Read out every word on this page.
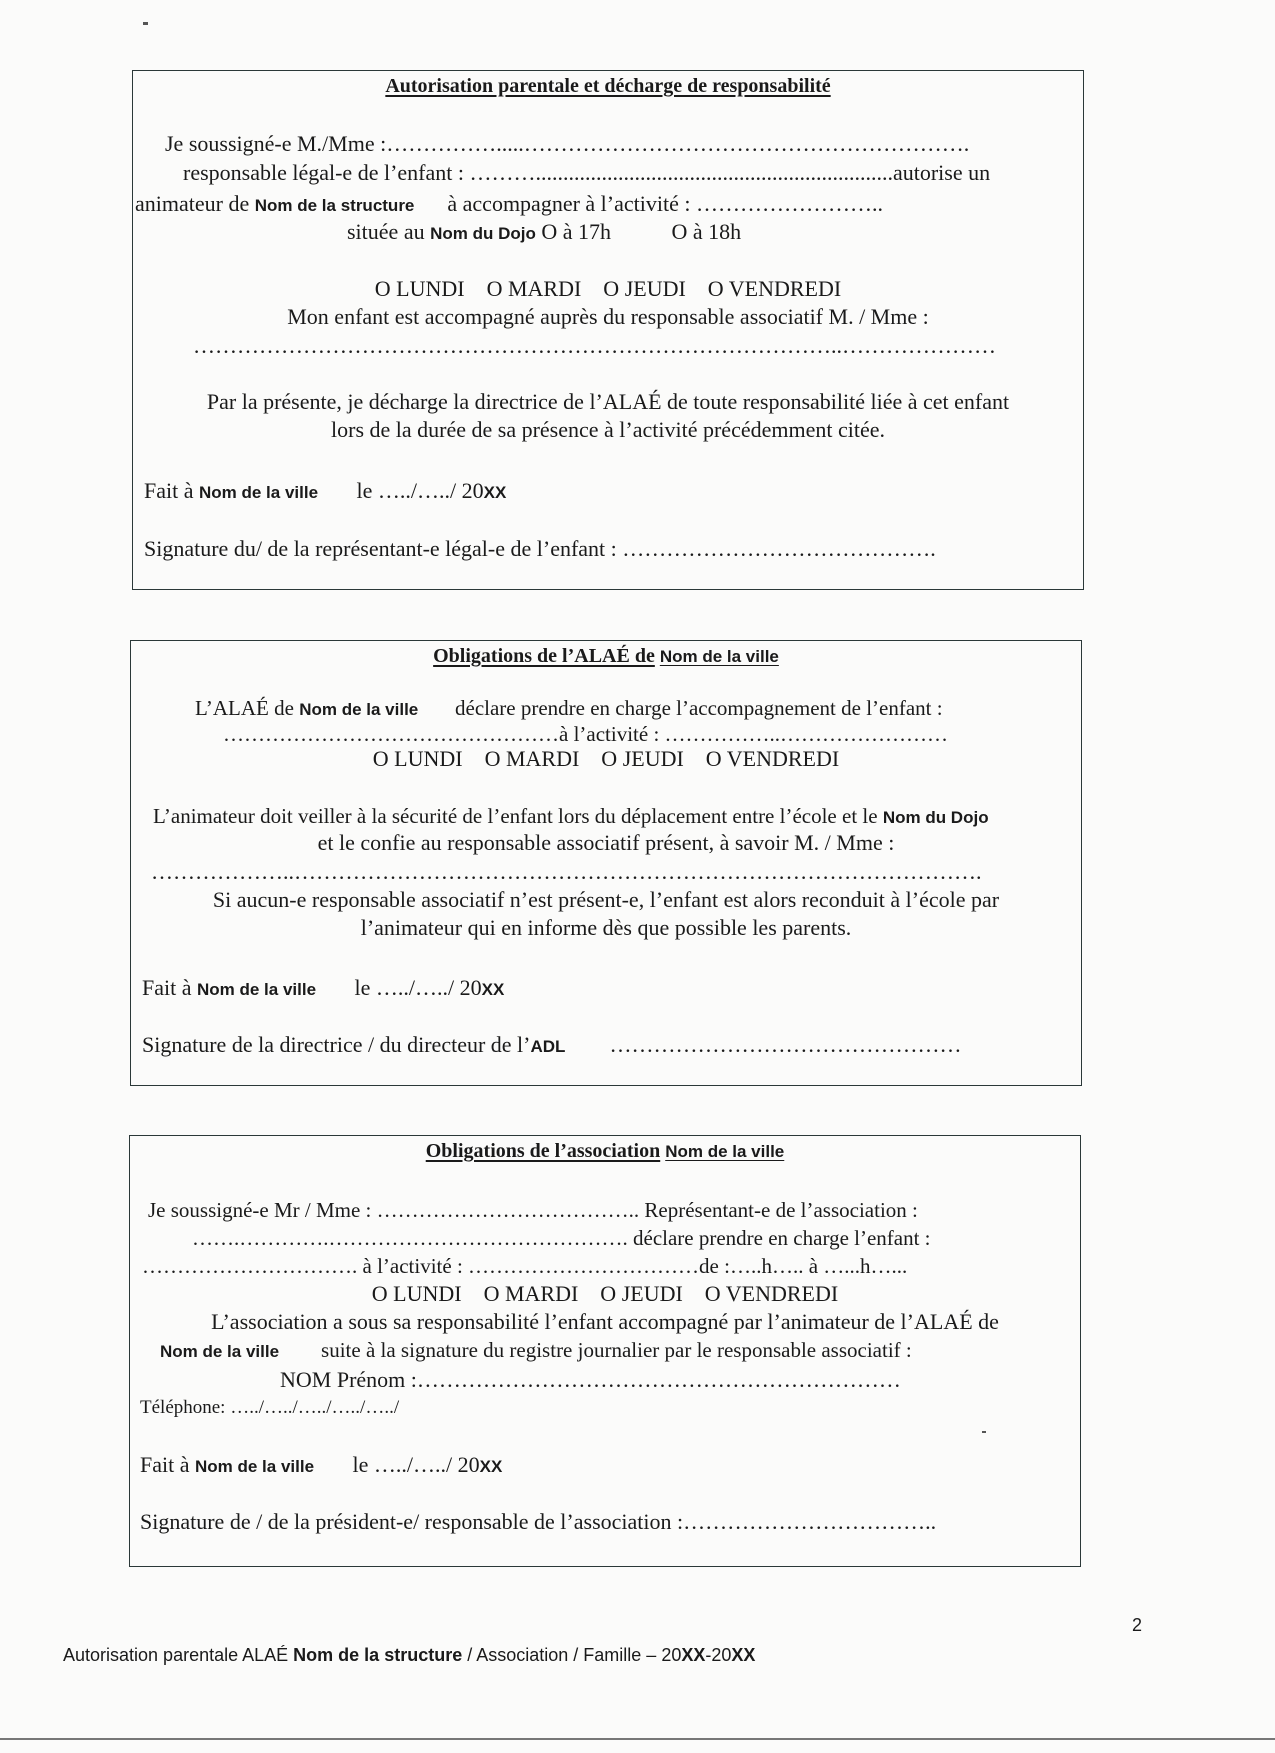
Autorisation parentale et décharge de responsabilité
Je soussigné-e M./Mme :…………….....…………………………………………………….
responsable légal-e de l’enfant : ……….................................................................autorise un
animateur de Nom de la structure à accompagner à l’activité : ……………………..
située au Nom du Dojo O à 17h	O à 18h
O LUNDI    O MARDI    O JEUDI    O VENDREDI
Mon enfant est accompagné auprès du responsable associatif M. / Mme :
……………………………………………………………………………..…………………
Par la présente, je décharge la directrice de l’ALAÉ de toute responsabilité liée à cet enfant
lors de la durée de sa présence à l’activité précédemment citée.
Fait à Nom de la ville le …../…../ 20XX
Signature du/ de la représentant-e légal-e de l’enfant : …………………………………….
Obligations de l’ALAÉ de Nom de la ville
L’ALAÉ de Nom de la ville déclare prendre en charge l’accompagnement de l’enfant :
…………………………………………à l’activité : ……………..……………………
O LUNDI    O MARDI    O JEUDI    O VENDREDI
L’animateur doit veiller à la sécurité de l’enfant lors du déplacement entre l’école et le Nom du Dojo
et le confie au responsable associatif présent, à savoir M. / Mme :
………………..………………………………………………………………………………….
Si aucun-e responsable associatif n’est présent-e, l’enfant est alors reconduit à l’école par
l’animateur qui en informe dès que possible les parents.
Fait à Nom de la ville le …../…../ 20XX
Signature de la directrice / du directeur de l’ADL …………………………………………
Obligations de l’association Nom de la ville
Je soussigné-e Mr / Mme : ……………………………….. Représentant-e de l’association :
…….………….……………………………………. déclare prendre en charge l’enfant :
…………………………. à l’activité : ……………………………de :…..h….. à …...h…...
O LUNDI    O MARDI    O JEUDI    O VENDREDI
L’association a sous sa responsabilité l’enfant accompagné par l’animateur de l’ALAÉ de
Nom de la ville suite à la signature du registre journalier par le responsable associatif :
NOM Prénom :…………………………………………………………
Téléphone: …../…../…../…../…../
Fait à Nom de la ville le …../…../ 20XX
Signature de / de la président-e/ responsable de l’association :……………………………..
2
Autorisation parentale ALAÉ Nom de la structure / Association / Famille – 20XX-20XX
